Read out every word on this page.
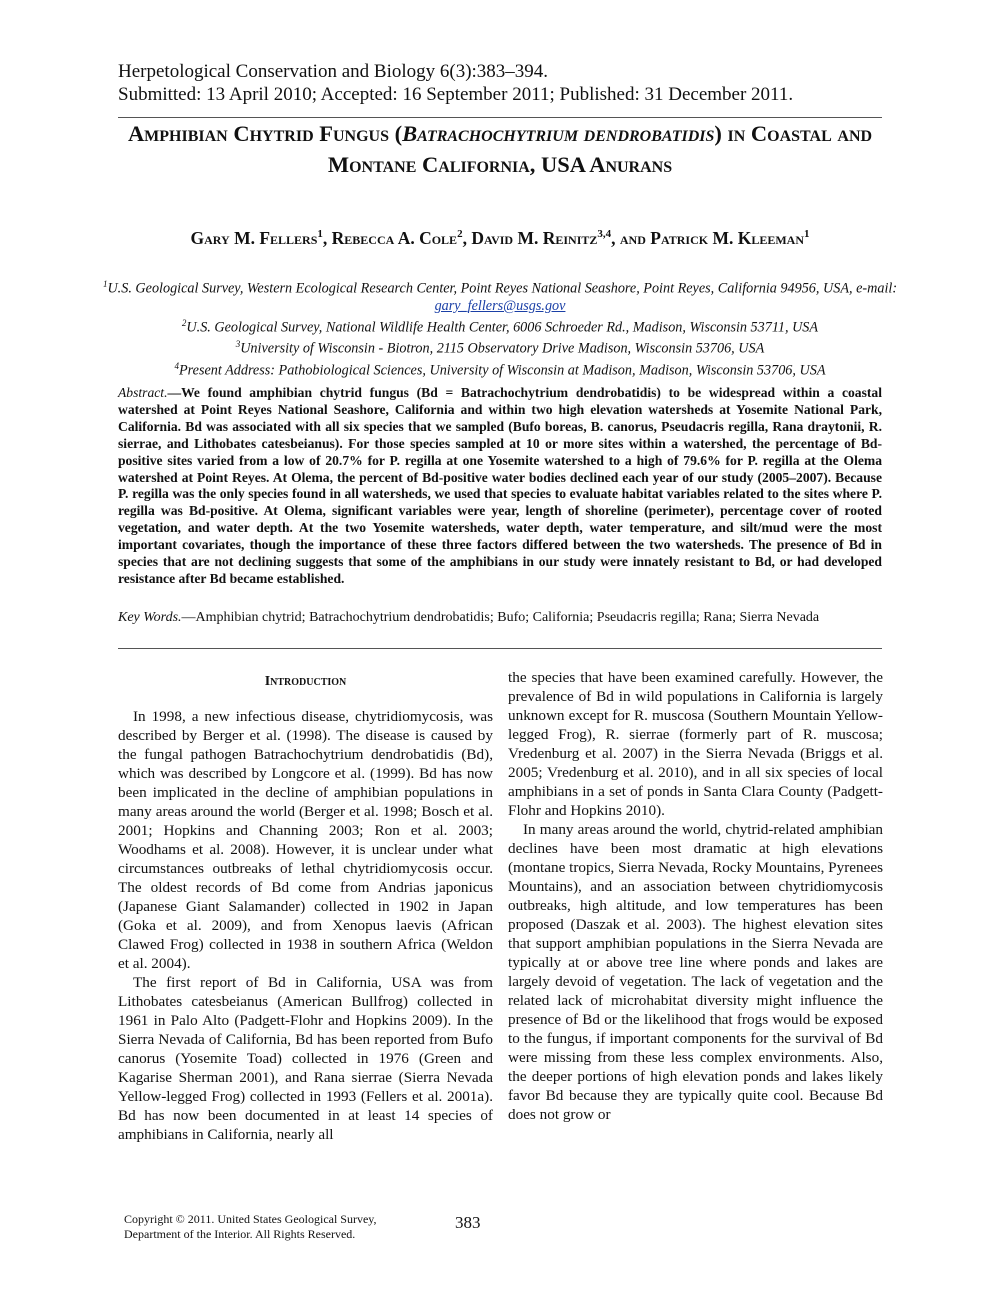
Herpetological Conservation and Biology 6(3):383–394.
Submitted: 13 April 2010; Accepted: 16 September 2011; Published: 31 December 2011.
Amphibian Chytrid Fungus (Batrachochytrium dendrobatidis) in Coastal and Montane California, USA Anurans
Gary M. Fellers$^1$, Rebecca A. Cole$^2$, David M. Reinitz$^{3,4}$, and Patrick M. Kleeman$^1$
$^1$U.S. Geological Survey, Western Ecological Research Center, Point Reyes National Seashore, Point Reyes, California 94956, USA, e-mail: gary_fellers@usgs.gov
$^2$U.S. Geological Survey, National Wildlife Health Center, 6006 Schroeder Rd., Madison, Wisconsin 53711, USA
$^3$University of Wisconsin - Biotron, 2115 Observatory Drive Madison, Wisconsin 53706, USA
$^4$Present Address: Pathobiological Sciences, University of Wisconsin at Madison, Madison, Wisconsin 53706, USA
Abstract.—We found amphibian chytrid fungus (Bd = Batrachochytrium dendrobatidis) to be widespread within a coastal watershed at Point Reyes National Seashore, California and within two high elevation watersheds at Yosemite National Park, California. Bd was associated with all six species that we sampled (Bufo boreas, B. canorus, Pseudacris regilla, Rana draytonii, R. sierrae, and Lithobates catesbeianus). For those species sampled at 10 or more sites within a watershed, the percentage of Bd-positive sites varied from a low of 20.7% for P. regilla at one Yosemite watershed to a high of 79.6% for P. regilla at the Olema watershed at Point Reyes. At Olema, the percent of Bd-positive water bodies declined each year of our study (2005–2007). Because P. regilla was the only species found in all watersheds, we used that species to evaluate habitat variables related to the sites where P. regilla was Bd-positive. At Olema, significant variables were year, length of shoreline (perimeter), percentage cover of rooted vegetation, and water depth. At the two Yosemite watersheds, water depth, water temperature, and silt/mud were the most important covariates, though the importance of these three factors differed between the two watersheds. The presence of Bd in species that are not declining suggests that some of the amphibians in our study were innately resistant to Bd, or had developed resistance after Bd became established.
Key Words.—Amphibian chytrid; Batrachochytrium dendrobatidis; Bufo; California; Pseudacris regilla; Rana; Sierra Nevada
Introduction

In 1998, a new infectious disease, chytridiomycosis, was described by Berger et al. (1998). The disease is caused by the fungal pathogen Batrachochytrium dendrobatidis (Bd), which was described by Longcore et al. (1999). Bd has now been implicated in the decline of amphibian populations in many areas around the world (Berger et al. 1998; Bosch et al. 2001; Hopkins and Channing 2003; Ron et al. 2003; Woodhams et al. 2008). However, it is unclear under what circumstances outbreaks of lethal chytridiomycosis occur. The oldest records of Bd come from Andrias japonicus (Japanese Giant Salamander) collected in 1902 in Japan (Goka et al. 2009), and from Xenopus laevis (African Clawed Frog) collected in 1938 in southern Africa (Weldon et al. 2004).

The first report of Bd in California, USA was from Lithobates catesbeianus (American Bullfrog) collected in 1961 in Palo Alto (Padgett-Flohr and Hopkins 2009). In the Sierra Nevada of California, Bd has been reported from Bufo canorus (Yosemite Toad) collected in 1976 (Green and Kagarise Sherman 2001), and Rana sierrae (Sierra Nevada Yellow-legged Frog) collected in 1993 (Fellers et al. 2001a). Bd has now been documented in at least 14 species of amphibians in California, nearly all

the species that have been examined carefully. However, the prevalence of Bd in wild populations in California is largely unknown except for R. muscosa (Southern Mountain Yellow-legged Frog), R. sierrae (formerly part of R. muscosa; Vredenburg et al. 2007) in the Sierra Nevada (Briggs et al. 2005; Vredenburg et al. 2010), and in all six species of local amphibians in a set of ponds in Santa Clara County (Padgett-Flohr and Hopkins 2010).

In many areas around the world, chytrid-related amphibian declines have been most dramatic at high elevations (montane tropics, Sierra Nevada, Rocky Mountains, Pyrenees Mountains), and an association between chytridiomycosis outbreaks, high altitude, and low temperatures has been proposed (Daszak et al. 2003). The highest elevation sites that support amphibian populations in the Sierra Nevada are typically at or above tree line where ponds and lakes are largely devoid of vegetation. The lack of vegetation and the related lack of microhabitat diversity might influence the presence of Bd or the likelihood that frogs would be exposed to the fungus, if important components for the survival of Bd were missing from these less complex environments. Also, the deeper portions of high elevation ponds and lakes likely favor Bd because they are typically quite cool. Because Bd does not grow or

Copyright © 2011. United States Geological Survey,
Department of the Interior. All Rights Reserved.
383
